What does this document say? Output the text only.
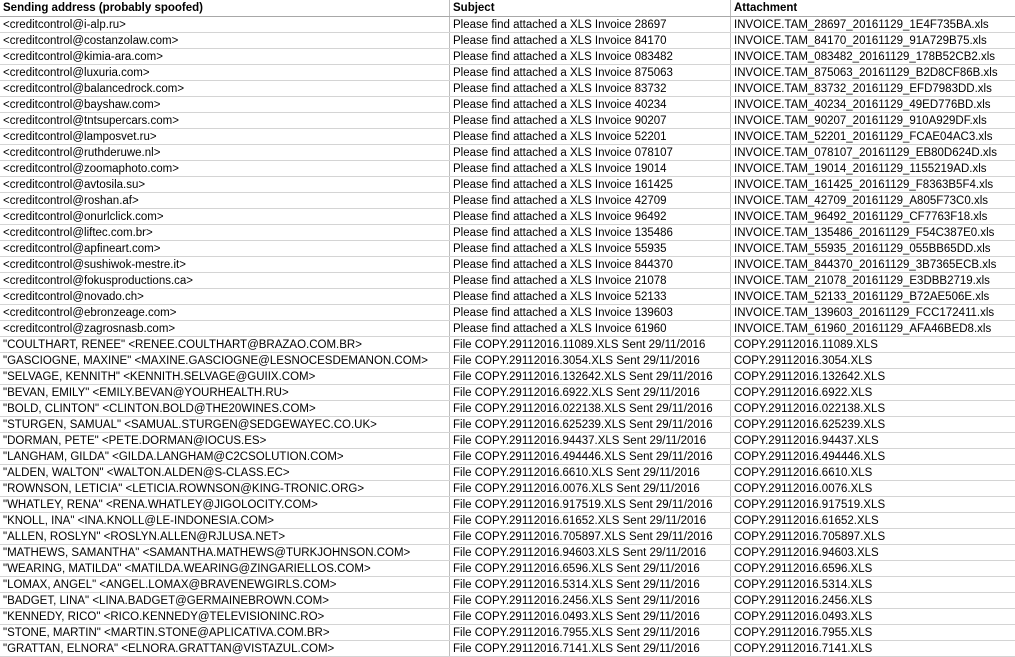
Sending address (probably spoofed)	Subject	Attachment
<creditcontrol@i-alp.ru>	Please find attached a XLS Invoice 28697	INVOICE.TAM_28697_20161129_1E4F735BA.xls
<creditcontrol@costanzolaw.com>	Please find attached a XLS Invoice 84170	INVOICE.TAM_84170_20161129_91A729B75.xls
<creditcontrol@kimia-ara.com>	Please find attached a XLS Invoice 083482	INVOICE.TAM_083482_20161129_178B52CB2.xls
<creditcontrol@luxuria.com>	Please find attached a XLS Invoice 875063	INVOICE.TAM_875063_20161129_B2D8CF86B.xls
<creditcontrol@balancedrock.com>	Please find attached a XLS Invoice 83732	INVOICE.TAM_83732_20161129_EFD7983DD.xls
<creditcontrol@bayshaw.com>	Please find attached a XLS Invoice 40234	INVOICE.TAM_40234_20161129_49ED776BD.xls
<creditcontrol@tntsupercars.com>	Please find attached a XLS Invoice 90207	INVOICE.TAM_90207_20161129_910A929DF.xls
<creditcontrol@lamposvet.ru>	Please find attached a XLS Invoice 52201	INVOICE.TAM_52201_20161129_FCAE04AC3.xls
<creditcontrol@ruthderuwe.nl>	Please find attached a XLS Invoice 078107	INVOICE.TAM_078107_20161129_EB80D624D.xls
<creditcontrol@zoomaphoto.com>	Please find attached a XLS Invoice 19014	INVOICE.TAM_19014_20161129_1155219AD.xls
<creditcontrol@avtosila.su>	Please find attached a XLS Invoice 161425	INVOICE.TAM_161425_20161129_F8363B5F4.xls
<creditcontrol@roshan.af>	Please find attached a XLS Invoice 42709	INVOICE.TAM_42709_20161129_A805F73C0.xls
<creditcontrol@onurlclick.com>	Please find attached a XLS Invoice 96492	INVOICE.TAM_96492_20161129_CF7763F18.xls
<creditcontrol@liftec.com.br>	Please find attached a XLS Invoice 135486	INVOICE.TAM_135486_20161129_F54C387E0.xls
<creditcontrol@apfineart.com>	Please find attached a XLS Invoice 55935	INVOICE.TAM_55935_20161129_055BB65DD.xls
<creditcontrol@sushiwok-mestre.it>	Please find attached a XLS Invoice 844370	INVOICE.TAM_844370_20161129_3B7365ECB.xls
<creditcontrol@fokusproductions.ca>	Please find attached a XLS Invoice 21078	INVOICE.TAM_21078_20161129_E3DBB2719.xls
<creditcontrol@novado.ch>	Please find attached a XLS Invoice 52133	INVOICE.TAM_52133_20161129_B72AE506E.xls
<creditcontrol@ebronzeage.com>	Please find attached a XLS Invoice 139603	INVOICE.TAM_139603_20161129_FCC172411.xls
<creditcontrol@zagrosnasb.com>	Please find attached a XLS Invoice 61960	INVOICE.TAM_61960_20161129_AFA46BED8.xls
"COULTHART, RENEE" <RENEE.COULTHART@BRAZAO.COM.BR>	File COPY.29112016.11089.XLS Sent 29/11/2016	COPY.29112016.11089.XLS
"GASCIOGNE, MAXINE" <MAXINE.GASCIOGNE@LESNOCESDEMANON.COM>	File COPY.29112016.3054.XLS Sent 29/11/2016	COPY.29112016.3054.XLS
"SELVAGE, KENNITH" <KENNITH.SELVAGE@GUIIX.COM>	File COPY.29112016.132642.XLS Sent 29/11/2016	COPY.29112016.132642.XLS
"BEVAN, EMILY" <EMILY.BEVAN@YOURHEALTH.RU>	File COPY.29112016.6922.XLS Sent 29/11/2016	COPY.29112016.6922.XLS
"BOLD, CLINTON" <CLINTON.BOLD@THE20WINES.COM>	File COPY.29112016.022138.XLS Sent 29/11/2016	COPY.29112016.022138.XLS
"STURGEN, SAMUAL" <SAMUAL.STURGEN@SEDGEWAYEC.CO.UK>	File COPY.29112016.625239.XLS Sent 29/11/2016	COPY.29112016.625239.XLS
"DORMAN, PETE" <PETE.DORMAN@IOCUS.ES>	File COPY.29112016.94437.XLS Sent 29/11/2016	COPY.29112016.94437.XLS
"LANGHAM, GILDA" <GILDA.LANGHAM@C2CSOLUTION.COM>	File COPY.29112016.494446.XLS Sent 29/11/2016	COPY.29112016.494446.XLS
"ALDEN, WALTON" <WALTON.ALDEN@S-CLASS.EC>	File COPY.29112016.6610.XLS Sent 29/11/2016	COPY.29112016.6610.XLS
"ROWNSON, LETICIA" <LETICIA.ROWNSON@KING-TRONIC.ORG>	File COPY.29112016.0076.XLS Sent 29/11/2016	COPY.29112016.0076.XLS
"WHATLEY, RENA" <RENA.WHATLEY@JIGOLOCITY.COM>	File COPY.29112016.917519.XLS Sent 29/11/2016	COPY.29112016.917519.XLS
"KNOLL, INA" <INA.KNOLL@LE-INDONESIA.COM>	File COPY.29112016.61652.XLS Sent 29/11/2016	COPY.29112016.61652.XLS
"ALLEN, ROSLYN" <ROSLYN.ALLEN@RJLUSA.NET>	File COPY.29112016.705897.XLS Sent 29/11/2016	COPY.29112016.705897.XLS
"MATHEWS, SAMANTHA" <SAMANTHA.MATHEWS@TURKJOHNSON.COM>	File COPY.29112016.94603.XLS Sent 29/11/2016	COPY.29112016.94603.XLS
"WEARING, MATILDA" <MATILDA.WEARING@ZINGARIELLOS.COM>	File COPY.29112016.6596.XLS Sent 29/11/2016	COPY.29112016.6596.XLS
"LOMAX, ANGEL" <ANGEL.LOMAX@BRAVENEWGIRLS.COM>	File COPY.29112016.5314.XLS Sent 29/11/2016	COPY.29112016.5314.XLS
"BADGET, LINA" <LINA.BADGET@GERMAINEBROWN.COM>	File COPY.29112016.2456.XLS Sent 29/11/2016	COPY.29112016.2456.XLS
"KENNEDY, RICO" <RICO.KENNEDY@TELEVISIONINC.RO>	File COPY.29112016.0493.XLS Sent 29/11/2016	COPY.29112016.0493.XLS
"STONE, MARTIN" <MARTIN.STONE@APLICATIVA.COM.BR>	File COPY.29112016.7955.XLS Sent 29/11/2016	COPY.29112016.7955.XLS
"GRATTAN, ELNORA" <ELNORA.GRATTAN@VISTAZUL.COM>	File COPY.29112016.7141.XLS Sent 29/11/2016	COPY.29112016.7141.XLS
